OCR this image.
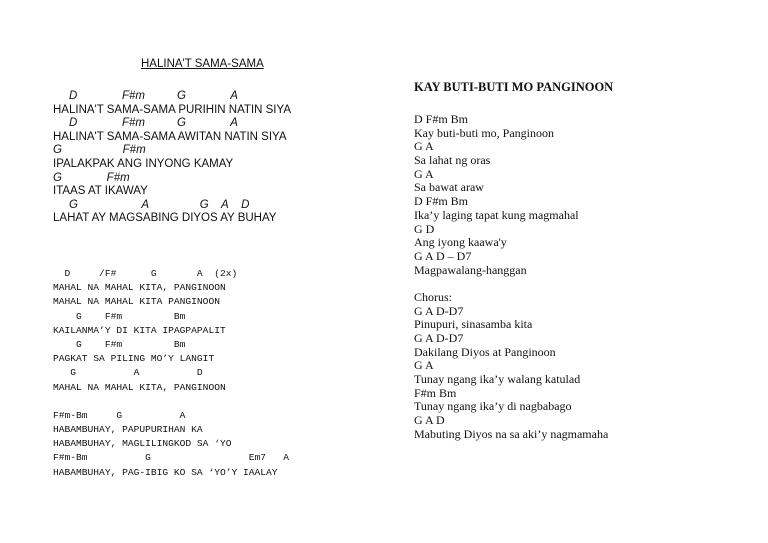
HALINA'T SAMA-SAMA
D              F#m          G              A
HALINA'T SAMA-SAMA PURIHIN NATIN SIYA
D              F#m          G              A
HALINA'T SAMA-SAMA AWITAN NATIN SIYA
G                   F#m
IPALAKPAK ANG INYONG KAMAY
G              F#m
ITAAS AT IKAWAY
G                    A                G    A    D
LAHAT AY MAGSABING DIYOS AY BUHAY
D     /F#      G       A  (2x)
MAHAL NA MAHAL KITA, PANGINOON
MAHAL NA MAHAL KITA PANGINOON
G    F#m         Bm
KAILANMA’Y DI KITA IPAGPAPALIT
G    F#m         Bm
PAGKAT SA PILING MO’Y LANGIT
G          A          D
MAHAL NA MAHAL KITA, PANGINOON
F#m-Bm     G          A
HABAMBUHAY, PAPUPURIHAN KA
HABAMBUHAY, MAGLILINGKOD SA ‘YO
F#m-Bm          G                 Em7   A
HABAMBUHAY, PAG-IBIG KO SA ‘YO’Y IAALAY
KAY BUTI-BUTI MO PANGINOON
D F#m Bm
Kay buti-buti mo, Panginoon
G A
Sa lahat ng oras
G A
Sa bawat araw
D F#m Bm
Ika’y laging tapat kung magmahal
G D
Ang iyong kaawa'y
G A D – D7
Magpawalang-hanggan
Chorus:
G A D-D7
Pinupuri, sinasamba kita
G A D-D7
Dakilang Diyos at Panginoon
G A
Tunay ngang ika’y walang katulad
F#m Bm
Tunay ngang ika’y di nagbabago
G A D
Mabuting Diyos na sa aki’y nagmamaha
